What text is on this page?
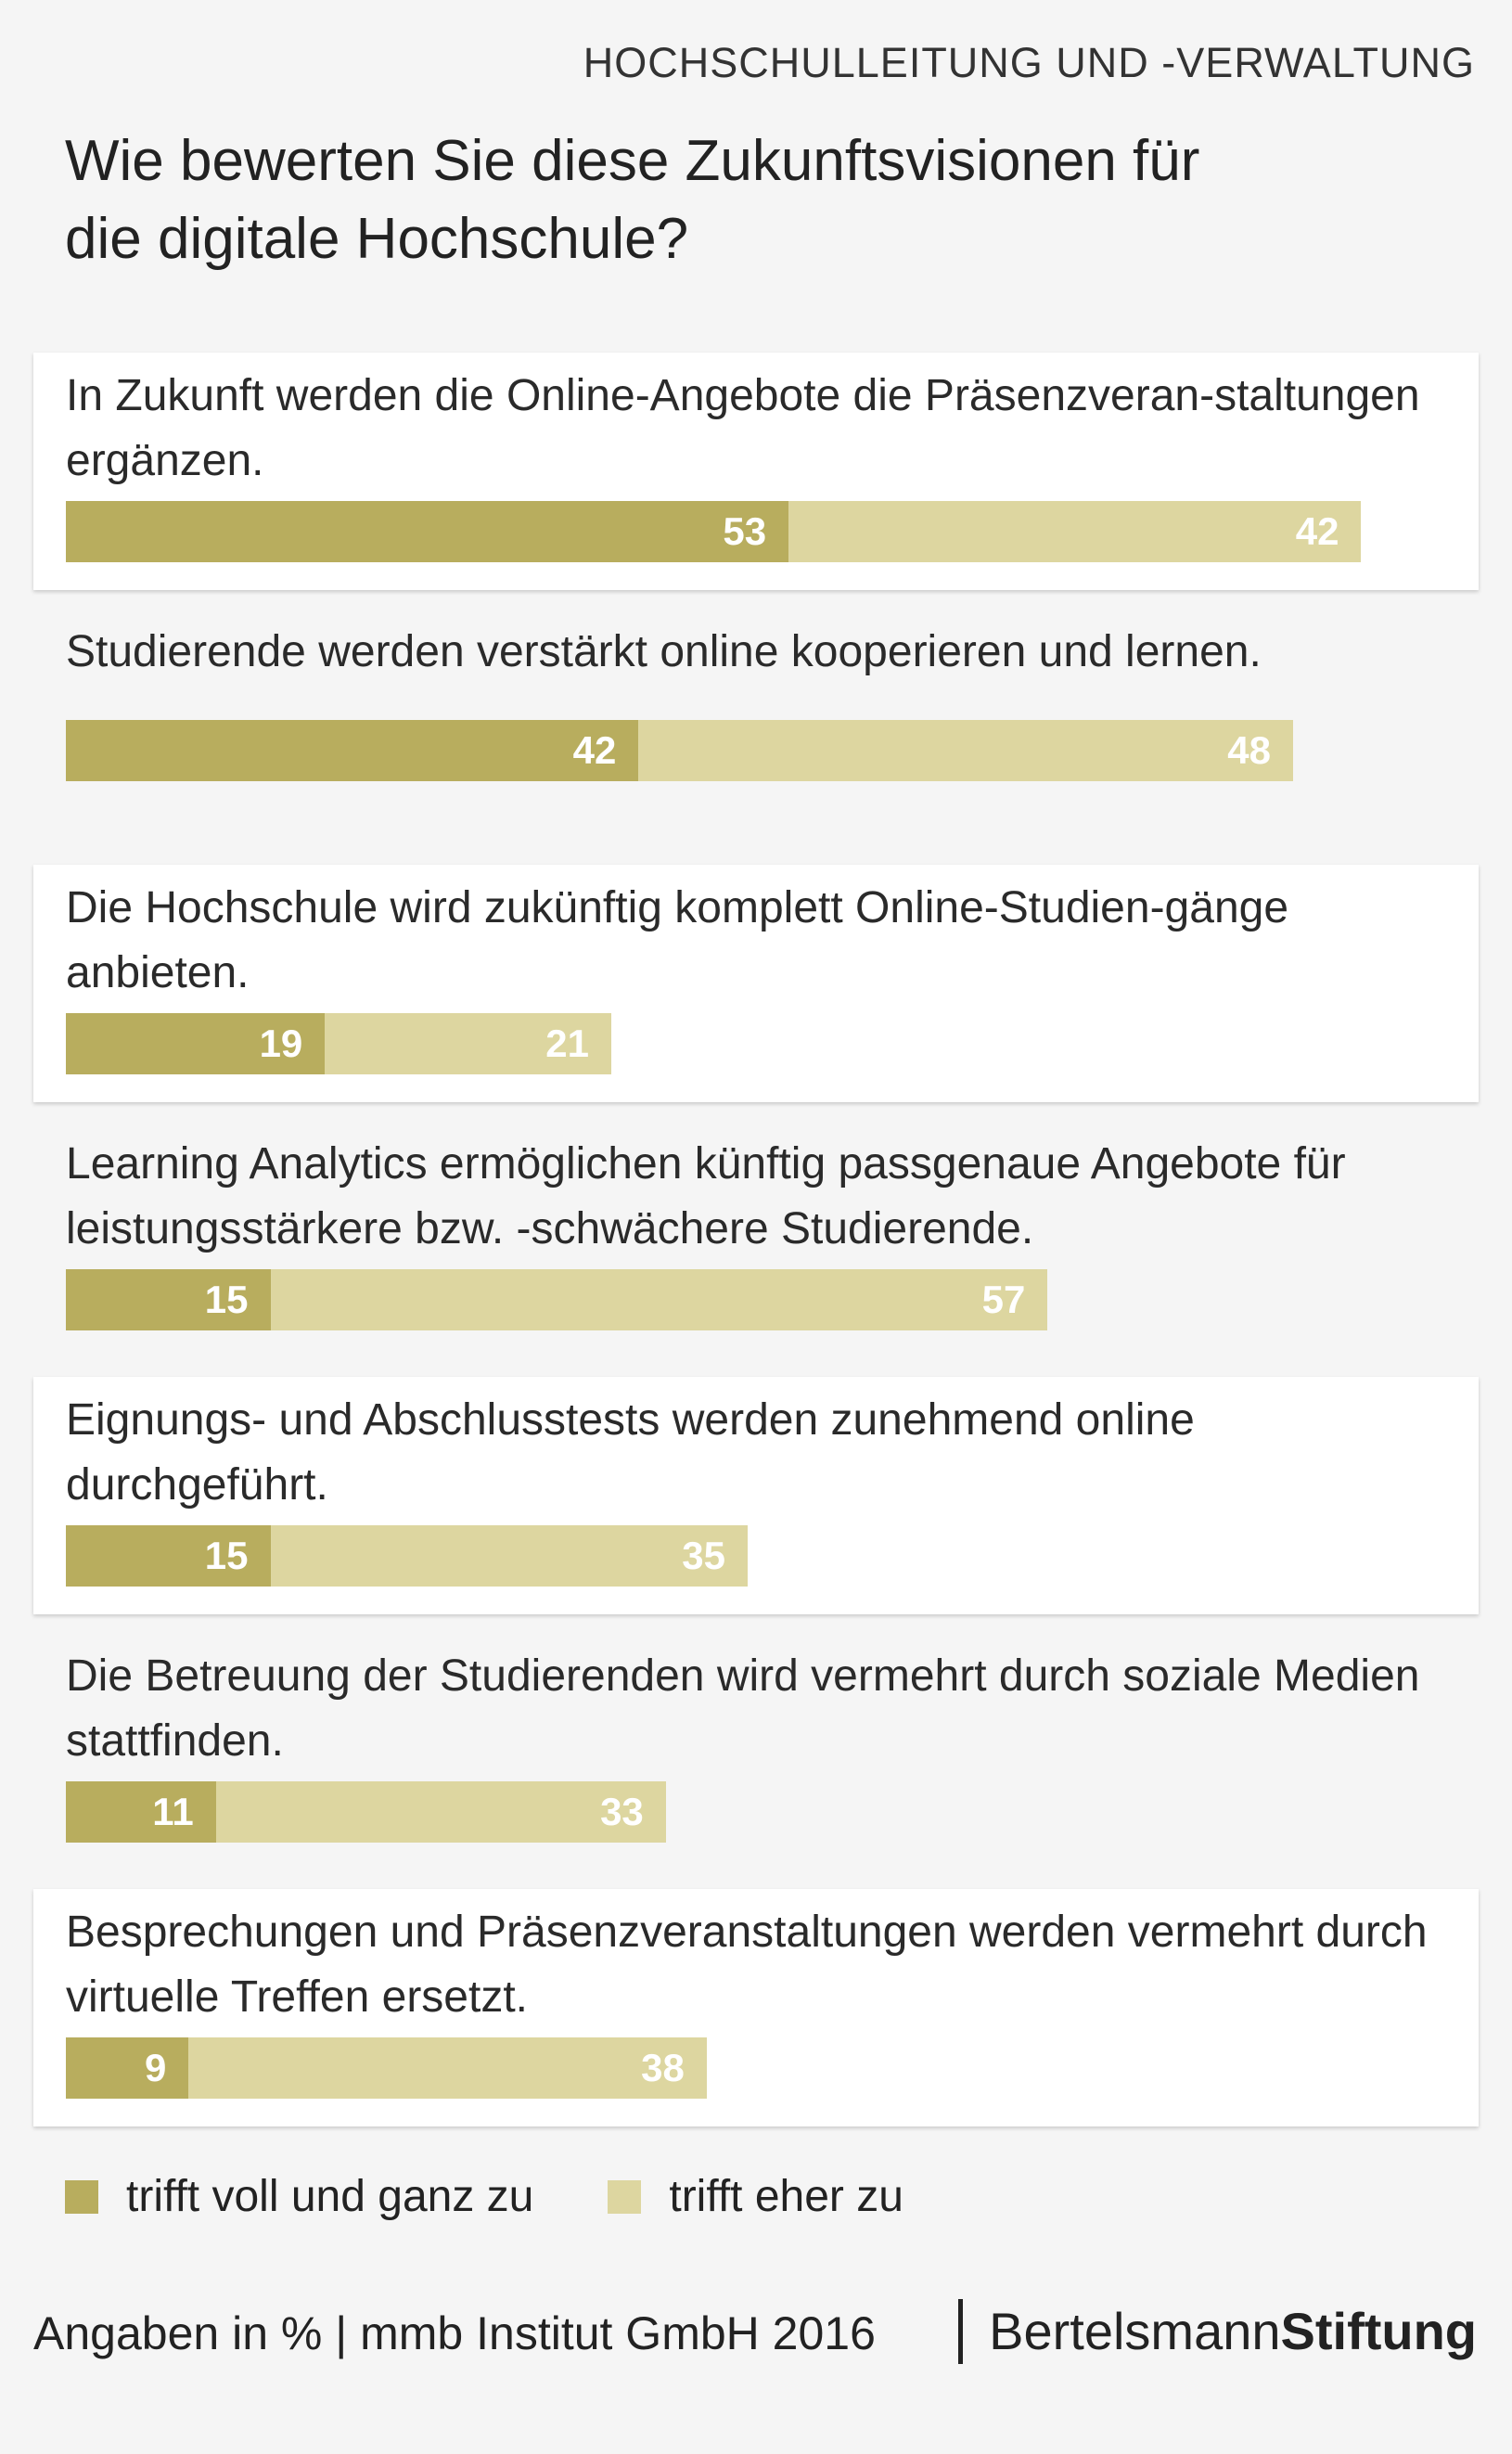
HOCHSCHULLEITUNG UND -VERWALTUNG
Wie bewerten Sie diese Zukunftsvisionen für die digitale Hochschule?
In Zukunft werden die Online-Angebote die Präsenzveran-staltungen ergänzen.
53	42
Studierende werden verstärkt online kooperieren und lernen.
42	48
Die Hochschule wird zukünftig komplett Online-Studien-gänge anbieten.
19	21
Learning Analytics ermöglichen künftig passgenaue Angebote für leistungsstärkere bzw. -schwächere Studierende.
15	57
Eignungs- und Abschlusstests werden zunehmend online durchgeführt.
15	35
Die Betreuung der Studierenden wird vermehrt durch soziale Medien stattfinden.
11	33
Besprechungen und Präsenzveranstaltungen werden vermehrt durch virtuelle Treffen ersetzt.
9	38
trifft voll und ganz zu	trifft eher zu
Angaben in % | mmb Institut GmbH 2016	BertelsmannStiftung
